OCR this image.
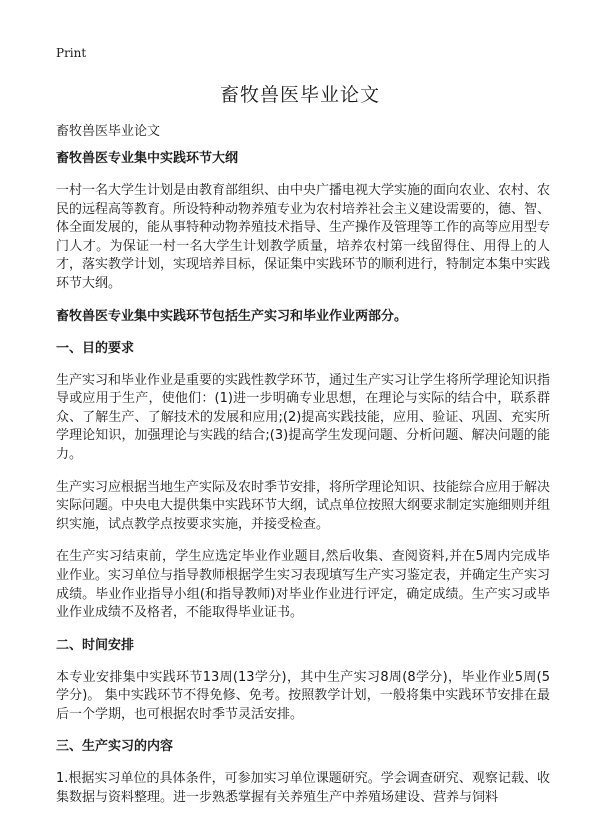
Print
畜牧兽医毕业论文

畜牧兽医毕业论文

畜牧兽医专业集中实践环节大纲

一村一名大学生计划是由教育部组织、由中央广播电视大学实施的面向农业、农村、农民的远程高等教育。所设特种动物养殖专业为农村培养社会主义建设需要的，德、智、体全面发展的，能从事特种动物养殖技术指导、生产操作及管理等工作的高等应用型专门人才。为保证一村一名大学生计划教学质量，培养农村第一线留得住、用得上的人才，落实教学计划，实现培养目标，保证集中实践环节的顺利进行，特制定本集中实践环节大纲。

畜牧兽医专业集中实践环节包括生产实习和毕业作业两部分。
一、目的要求

生产实习和毕业作业是重要的实践性教学环节，通过生产实习让学生将所学理论知识指导或应用于生产，使他们：(1)进一步明确专业思想，在理论与实际的结合中，联系群众、了解生产、了解技术的发展和应用;(2)提高实践技能，应用、验证、巩固、充实所学理论知识，加强理论与实践的结合;(3)提高学生发现问题、分析问题、解决问题的能力。

生产实习应根据当地生产实际及农时季节安排，将所学理论知识、技能综合应用于解决实际问题。中央电大提供集中实践环节大纲，试点单位按照大纲要求制定实施细则并组织实施，试点教学点按要求实施，并接受检查。

在生产实习结束前，学生应选定毕业作业题目,然后收集、查阅资料,并在5周内完成毕业作业。实习单位与指导教师根据学生实习表现填写生产实习鉴定表，并确定生产实习成绩。毕业作业指导小组(和指导教师)对毕业作业进行评定，确定成绩。生产实习或毕业作业成绩不及格者，不能取得毕业证书。

二、时间安排

本专业安排集中实践环节13周(13学分)，其中生产实习8周(8学分)，毕业作业5周(5学分)。 集中实践环节不得免修、免考。按照教学计划，一般将集中实践环节安排在最后一个学期，也可根据农时季节灵活安排。

三、生产实习的内容

1.根据实习单位的具体条件，可参加实习单位课题研究。学会调查研究、观察记载、收集数据与资料整理。进一步熟悉掌握有关养殖生产中养殖场建设、营养与饲料
